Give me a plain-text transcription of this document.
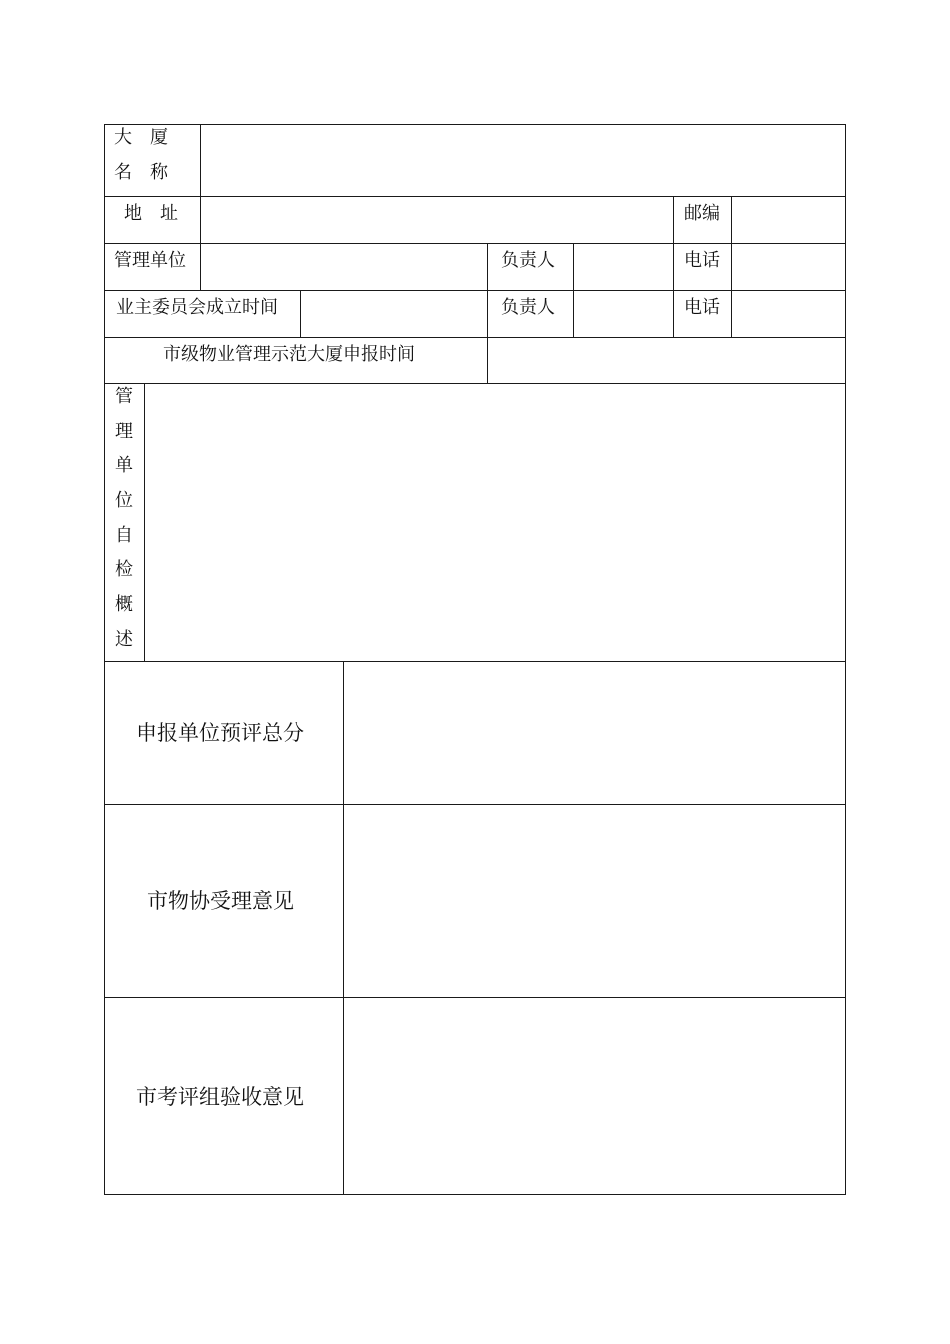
大　厦
名　称
地　址	邮编
管理单位	负责人	电话
业主委员会成立时间	负责人	电话
市级物业管理示范大厦申报时间
管
理
单
位
自
检
概
述
申报单位预评总分
市物协受理意见
市考评组验收意见
